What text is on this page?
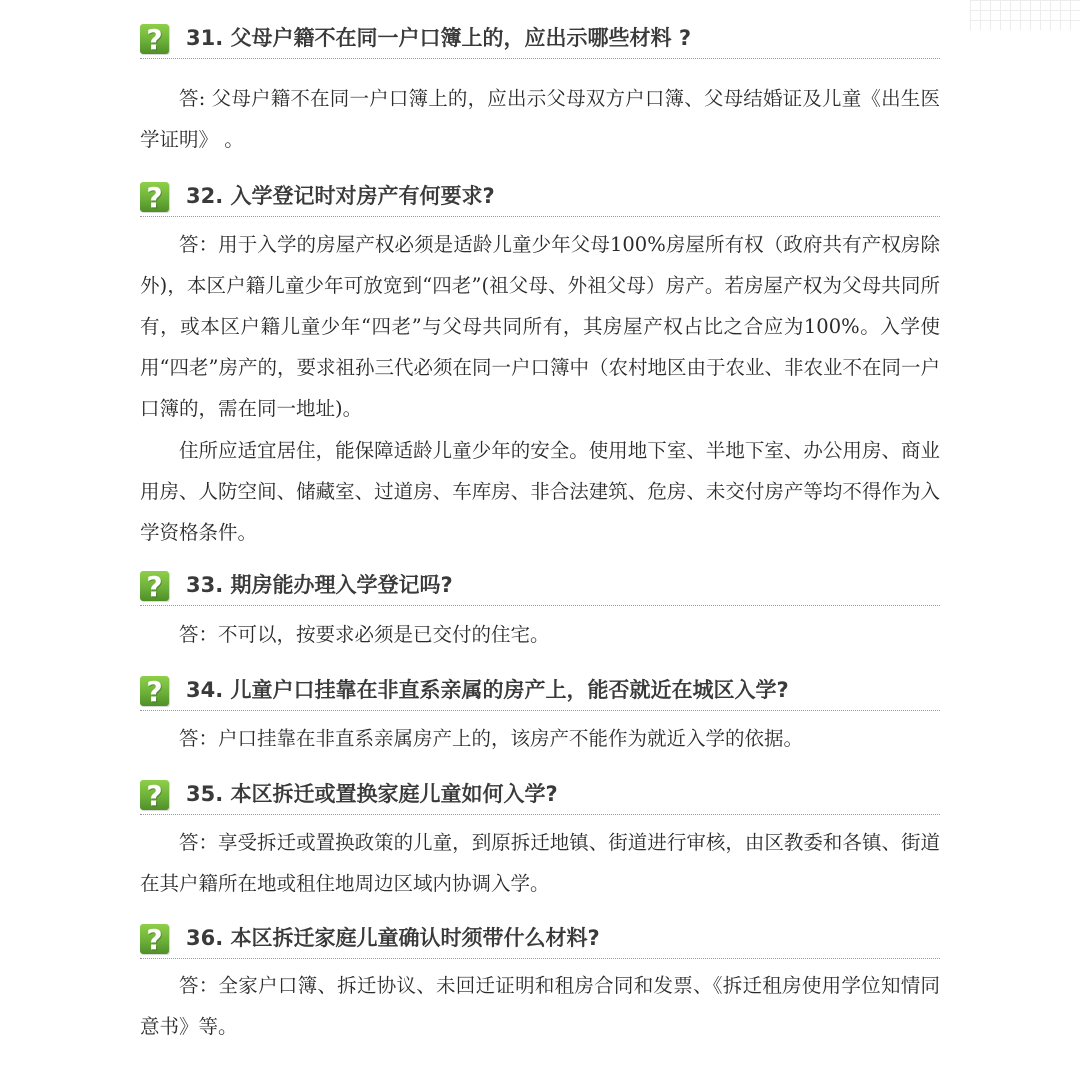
?	31. 父母户籍不在同一户口簿上的，应出示哪些材料 ?

答: 父母户籍不在同一户口簿上的，应出示父母双方户口簿、父母结婚证及儿童《出生医学证明》 。

?	32. 入学登记时对房产有何要求?

答：用于入学的房屋产权必须是适龄儿童少年父母100%房屋所有权（政府共有产权房除外)，本区户籍儿童少年可放宽到“四老”(祖父母、外祖父母）房产。若房屋产权为父母共同所有，或本区户籍儿童少年“四老”与父母共同所有，其房屋产权占比之合应为100%。入学使用“四老”房产的，要求祖孙三代必须在同一户口簿中（农村地区由于农业、非农业不在同一户口簿的，需在同一地址)。

住所应适宜居住，能保障适龄儿童少年的安全。使用地下室、半地下室、办公用房、商业用房、人防空间、储藏室、过道房、车库房、非合法建筑、危房、未交付房产等均不得作为入学资格条件。

?	33. 期房能办理入学登记吗?

答：不可以，按要求必须是已交付的住宅。

?	34. 儿童户口挂靠在非直系亲属的房产上，能否就近在城区入学?

答：户口挂靠在非直系亲属房产上的，该房产不能作为就近入学的依据。

?	35. 本区拆迁或置换家庭儿童如何入学?

答：享受拆迁或置换政策的儿童，到原拆迁地镇、街道进行审核，由区教委和各镇、街道在其户籍所在地或租住地周边区域内协调入学。

?	36. 本区拆迁家庭儿童确认时须带什么材料?

答：全家户口簿、拆迁协议、未回迁证明和租房合同和发票、《拆迁租房使用学位知情同意书》等。
